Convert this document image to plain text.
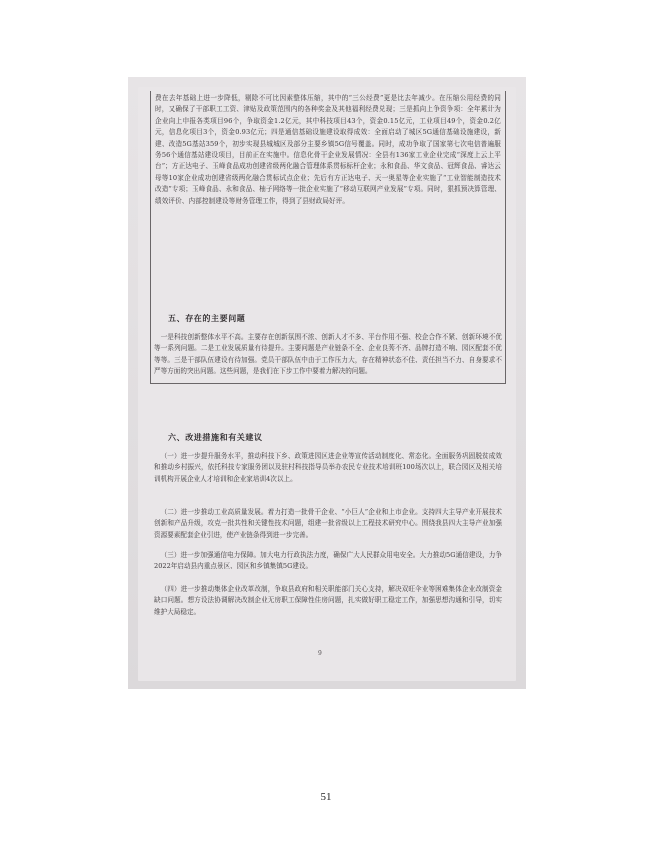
费在去年基础上进一步降低，剔除不可比因素整体压缩，其中的“三公经费”更是比去年减少。在压缩公用经费的同时，又确保了干部职工工资、津贴及政策范围内的各种奖金及其他福利经费兑现；三是抓向上争资争项：全年累计为企业向上申报各类项目96个，争取资金1.2亿元，其中科技项目43个，资金0.15亿元，工业项目49个，资金0.2亿元，信息化项目3个，资金0.93亿元；四是通信基础设施建设取得成效：全面启动了城区5G通信基础设施建设，新建、改造5G基站359个，初步实现县城城区及部分主要乡镇5G信号覆盖。同时，成功争取了国家第七次电信普遍服务56个通信基站建设项目，目前正在实施中。信息化骨干企业发展情况：全县有136家工业企业完成“深度上云上平台”；方正达电子、玉峰食品成功创建省级两化融合管理体系贯标标杆企业；永和食品、华文食品、冠辉食品、睿达云母等10家企业成功创建省级两化融合贯标试点企业；先后有方正达电子、天一奥星等企业实施了“工业智能制造技术改造”专项；玉峰食品、永和食品、柚子网络等一批企业实施了“移动互联网产业发展”专项。同时，狠抓预决算管理、绩效评价、内部控制建设等财务管理工作，得到了县财政局好评。

五、存在的主要问题

一是科技创新整体水平不高。主要存在创新氛围不浓、创新人才不多、平台作用不强、校企合作不紧、创新环境不优等一系列问题。二是工业发展质量有待提升。主要问题是产业链条不全、企业良莠不齐、品牌打造不响、园区配套不优等等。三是干部队伍建设有待加强。党员干部队伍中由于工作压力大，存在精神状态不佳、责任担当不力、自身要求不严等方面的突出问题。这些问题，是我们在下步工作中要着力解决的问题。

六、改进措施和有关建议

（一）进一步提升服务水平，推动科技下乡、政策进园区进企业等宣传活动制度化、常态化。全面服务巩固脱贫成效和推动乡村振兴，依托科技专家服务团以及驻村科技指导员举办农民专业技术培训班100场次以上，联合园区及相关培训机构开展企业人才培训和企业家培训4次以上。

（二）进一步推动工业高质量发展。着力打造一批骨干企业、“小巨人”企业和上市企业。支持四大主导产业开展技术创新和产品升级，攻克一批共性和关键性技术问题，组建一批省级以上工程技术研究中心。围绕我县四大主导产业加强资源要素配套企业引进，使产业链条得到进一步完善。

（三）进一步加强通信电力保障。加大电力行政执法力度，确保广大人民群众用电安全。大力推动5G通信建设，力争2022年启动县内重点景区、园区和乡镇集镇5G建设。

（四）进一步推动集体企业改革改制，争取县政府和相关职能部门关心支持，解决双旺伞业等困难集体企业改制资金缺口问题。想方设法协调解决改制企业无房职工保障性住房问题，扎实做好职工稳定工作，加强思想沟通和引导，切实维护大局稳定。

9
51
